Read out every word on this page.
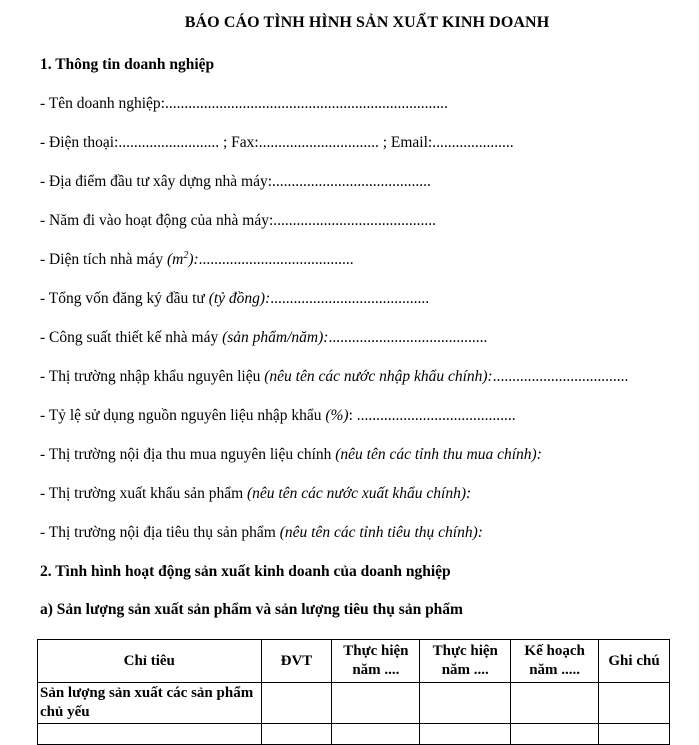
BÁO CÁO TÌNH HÌNH SẢN XUẤT KINH DOANH
1. Thông tin doanh nghiệp
- Tên doanh nghiệp:.........................................................................
- Điện thoại:.......................... ; Fax:............................... ; Email:.....................
- Địa điểm đầu tư xây dựng nhà máy:.........................................
- Năm đi vào hoạt động của nhà máy:..........................................
- Diện tích nhà máy $(m^2)$:........................................
- Tổng vốn đăng ký đầu tư (tỷ đồng):.........................................
- Công suất thiết kế nhà máy (sản phẩm/năm):.........................................
- Thị trường nhập khẩu nguyên liệu (nêu tên các nước nhập khẩu chính):...................................
- Tỷ lệ sử dụng nguồn nguyên liệu nhập khẩu (%): .........................................
- Thị trường nội địa thu mua nguyên liệu chính (nêu tên các tỉnh thu mua chính):
- Thị trường xuất khẩu sản phẩm (nêu tên các nước xuất khẩu chính):
- Thị trường nội địa tiêu thụ sản phẩm (nêu tên các tỉnh tiêu thụ chính):
2. Tình hình hoạt động sản xuất kinh doanh của doanh nghiệp
a) Sản lượng sản xuất sản phẩm và sản lượng tiêu thụ sản phẩm
Chỉ tiêu	ĐVT	Thực hiện năm ....	Thực hiện năm ....	Kế hoạch năm .....	Ghi chú
Sản lượng sản xuất các sản phẩm chủ yếu					
